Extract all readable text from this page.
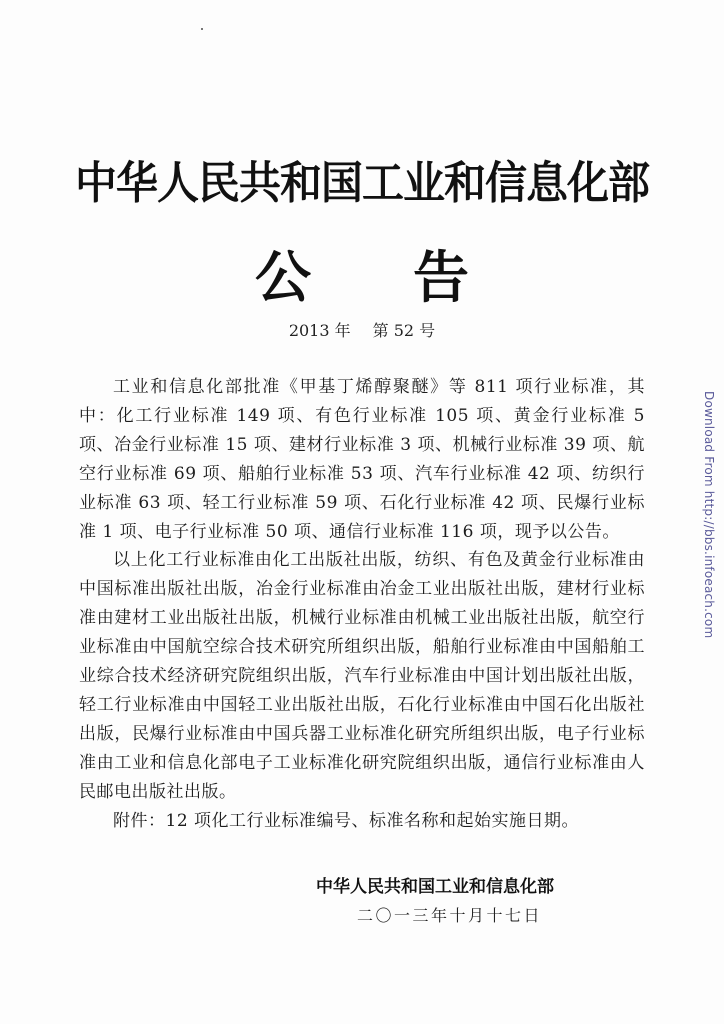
中华人民共和国工业和信息化部
公告
2013 年 第 52 号

工业和信息化部批准《甲基丁烯醇聚醚》等 811 项行业标准，其中：化工行业标准 149 项、有色行业标准 105 项、黄金行业标准 5 项、冶金行业标准 15 项、建材行业标准 3 项、机械行业标准 39 项、航空行业标准 69 项、船舶行业标准 53 项、汽车行业标准 42 项、纺织行业标准 63 项、轻工行业标准 59 项、石化行业标准 42 项、民爆行业标准 1 项、电子行业标准 50 项、通信行业标准 116 项，现予以公告。

以上化工行业标准由化工出版社出版，纺织、有色及黄金行业标准由中国标准出版社出版，冶金行业标准由冶金工业出版社出版，建材行业标准由建材工业出版社出版，机械行业标准由机械工业出版社出版，航空行业标准由中国航空综合技术研究所组织出版，船舶行业标准由中国船舶工业综合技术经济研究院组织出版，汽车行业标准由中国计划出版社出版，轻工行业标准由中国轻工业出版社出版，石化行业标准由中国石化出版社出版，民爆行业标准由中国兵器工业标准化研究所组织出版，电子行业标准由工业和信息化部电子工业标准化研究院组织出版，通信行业标准由人民邮电出版社出版。

附件：12 项化工行业标准编号、标准名称和起始实施日期。

中华人民共和国工业和信息化部
二〇一三年十月十七日
Download From http://bbs.infoeach.com
